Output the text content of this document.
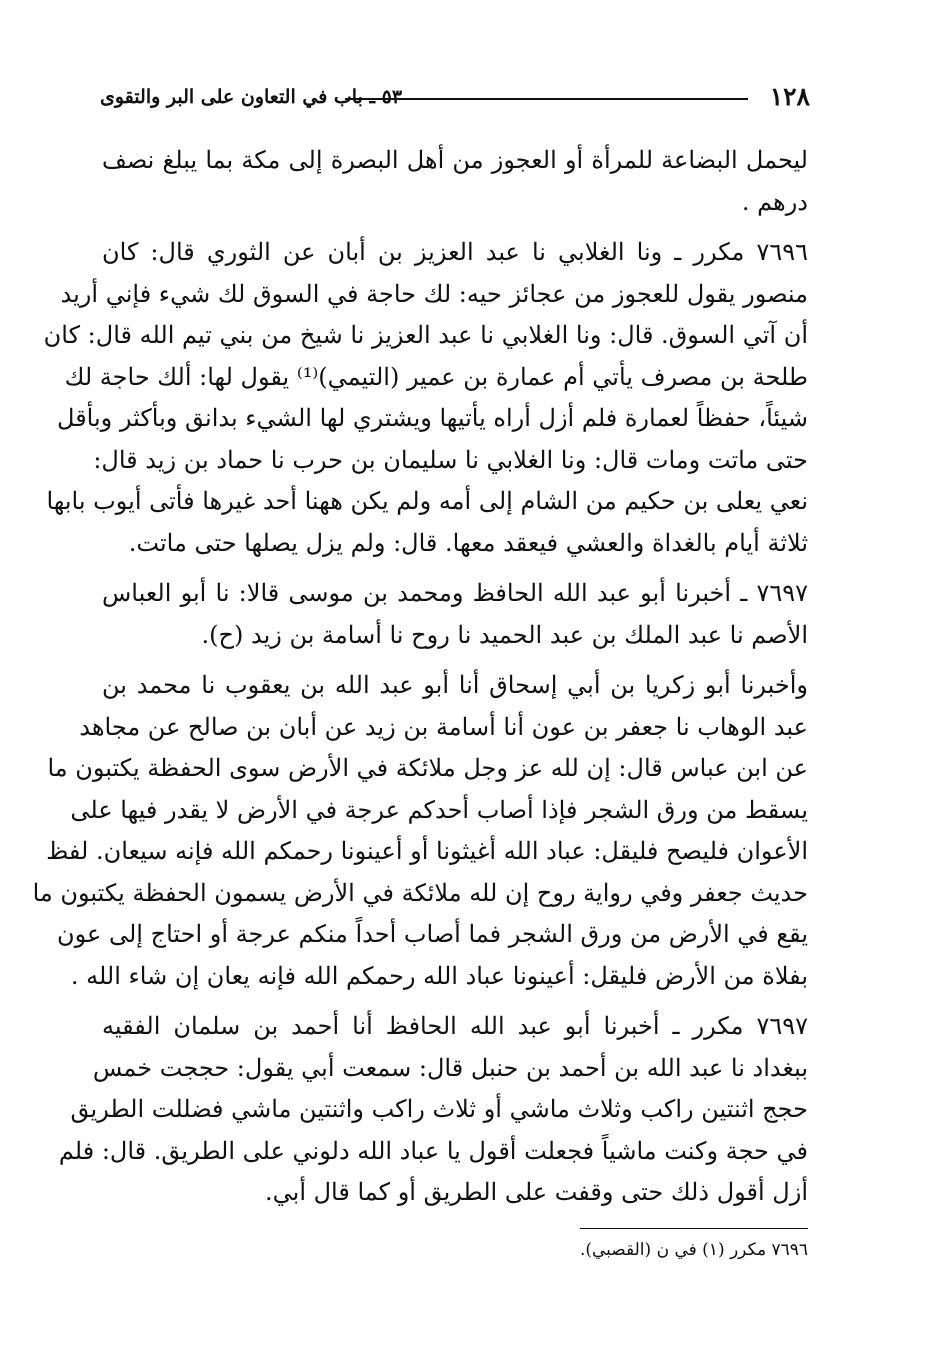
١٢٨
٥٣ ـ باب في التعاون على البر والتقوى
ليحمل البضاعة للمرأة أو العجوز من أهل البصرة إلى مكة بما يبلغ نصف
درهم .
٧٦٩٦ مكرر ـ ونا الغلابي نا عبد العزيز بن أبان عن الثوري قال: كان
منصور يقول للعجوز من عجائز حيه: لك حاجة في السوق لك شيء فإني أريد
أن آتي السوق. قال: ونا الغلابي نا عبد العزيز نا شيخ من بني تيم الله قال: كان
طلحة بن مصرف يأتي أم عمارة بن عمير (التيمي)⁽¹⁾ يقول لها: ألك حاجة لك
شيئاً، حفظاً لعمارة فلم أزل أراه يأتيها ويشتري لها الشيء بدانق وبأكثر وبأقل
حتى ماتت ومات قال: ونا الغلابي نا سليمان بن حرب نا حماد بن زيد قال:
نعي يعلى بن حكيم من الشام إلى أمه ولم يكن ههنا أحد غيرها فأتى أيوب بابها
ثلاثة أيام بالغداة والعشي فيعقد معها. قال: ولم يزل يصلها حتى ماتت.
٧٦٩٧ ـ أخبرنا أبو عبد الله الحافظ ومحمد بن موسى قالا: نا أبو العباس
الأصم نا عبد الملك بن عبد الحميد نا روح نا أسامة بن زيد (ح).
وأخبرنا أبو زكريا بن أبي إسحاق أنا أبو عبد الله بن يعقوب نا محمد بن
عبد الوهاب نا جعفر بن عون أنا أسامة بن زيد عن أبان بن صالح عن مجاهد
عن ابن عباس قال: إن لله عز وجل ملائكة في الأرض سوى الحفظة يكتبون ما
يسقط من ورق الشجر فإذا أصاب أحدكم عرجة في الأرض لا يقدر فيها على
الأعوان فليصح فليقل: عباد الله أغيثونا أو أعينونا رحمكم الله فإنه سيعان. لفظ
حديث جعفر وفي رواية روح إن لله ملائكة في الأرض يسمون الحفظة يكتبون ما
يقع في الأرض من ورق الشجر فما أصاب أحداً منكم عرجة أو احتاج إلى عون
بفلاة من الأرض فليقل: أعينونا عباد الله رحمكم الله فإنه يعان إن شاء الله .
٧٦٩٧ مكرر ـ أخبرنا أبو عبد الله الحافظ أنا أحمد بن سلمان الفقيه
ببغداد نا عبد الله بن أحمد بن حنبل قال: سمعت أبي يقول: حججت خمس
حجج اثنتين راكب وثلاث ماشي أو ثلاث راكب واثنتين ماشي فضللت الطريق
في حجة وكنت ماشياً فجعلت أقول يا عباد الله دلوني على الطريق. قال: فلم
أزل أقول ذلك حتى وقفت على الطريق أو كما قال أبي.
٧٦٩٦ مكرر (١) في ن (القصبي).
